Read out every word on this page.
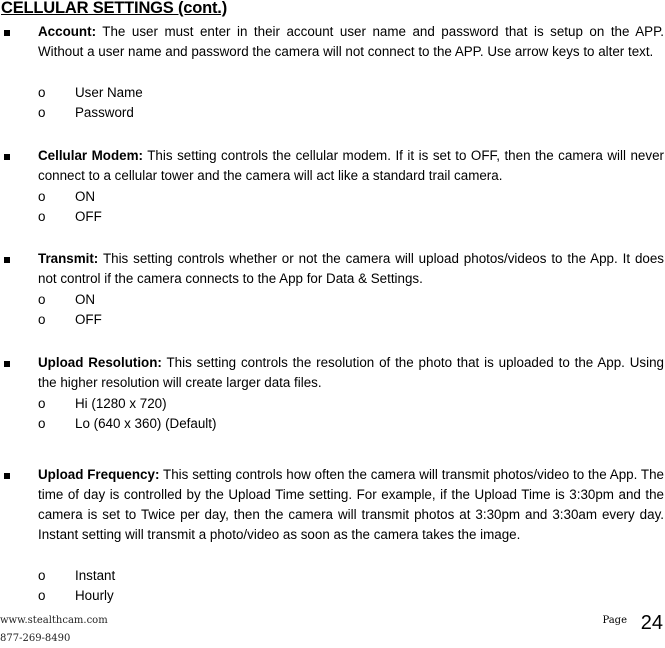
CELLULAR SETTINGS (cont.)
Account: The user must enter in their account user name and password that is setup on the APP. Without a user name and password the camera will not connect to the APP. Use arrow keys to alter text.
o User Name
o Password
Cellular Modem: This setting controls the cellular modem. If it is set to OFF, then the camera will never connect to a cellular tower and the camera will act like a standard trail camera.
o ON
o OFF
Transmit: This setting controls whether or not the camera will upload photos/videos to the App. It does not control if the camera connects to the App for Data & Settings.
o ON
o OFF
Upload Resolution: This setting controls the resolution of the photo that is uploaded to the App. Using the higher resolution will create larger data files.
o Hi (1280 x 720)
o Lo (640 x 360) (Default)
Upload Frequency: This setting controls how often the camera will transmit photos/video to the App. The time of day is controlled by the Upload Time setting. For example, if the Upload Time is 3:30pm and the camera is set to Twice per day, then the camera will transmit photos at 3:30pm and 3:30am every day. Instant setting will transmit a photo/video as soon as the camera takes the image.
o Instant
o Hourly
www.stealthcam.com
877-269-8490
Page 24
